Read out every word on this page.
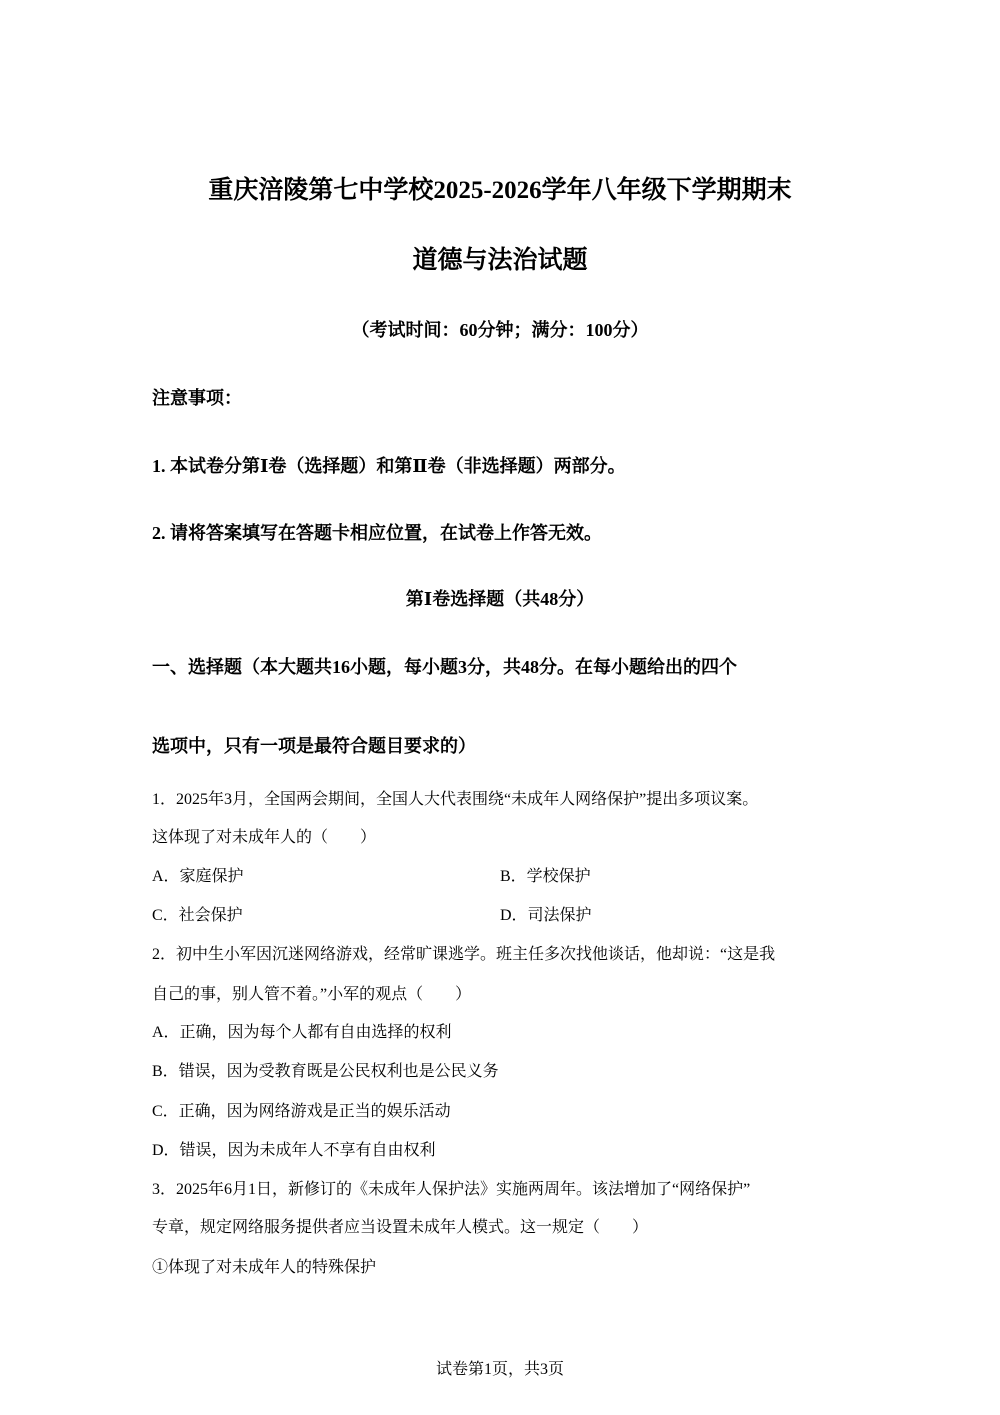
重庆涪陵第七中学校2025-2026学年八年级下学期期末
道德与法治试题
（考试时间：60分钟；满分：100分）
注意事项：
1. 本试卷分第Ⅰ卷（选择题）和第Ⅱ卷（非选择题）两部分。
2. 请将答案填写在答题卡相应位置，在试卷上作答无效。
第Ⅰ卷选择题（共48分）
一、选择题（本大题共16小题，每小题3分，共48分。在每小题给出的四个
选项中，只有一项是最符合题目要求的）
1．2025年3月，全国两会期间，全国人大代表围绕“未成年人网络保护”提出多项议案。
这体现了对未成年人的（　　）
A．家庭保护	B．学校保护
C．社会保护	D．司法保护
2．初中生小军因沉迷网络游戏，经常旷课逃学。班主任多次找他谈话，他却说：“这是我
自己的事，别人管不着。”小军的观点（　　）
A．正确，因为每个人都有自由选择的权利
B．错误，因为受教育既是公民权利也是公民义务
C．正确，因为网络游戏是正当的娱乐活动
D．错误，因为未成年人不享有自由权利
3．2025年6月1日，新修订的《未成年人保护法》实施两周年。该法增加了“网络保护”
专章，规定网络服务提供者应当设置未成年人模式。这一规定（　　）
①体现了对未成年人的特殊保护
试卷第1页，共3页
